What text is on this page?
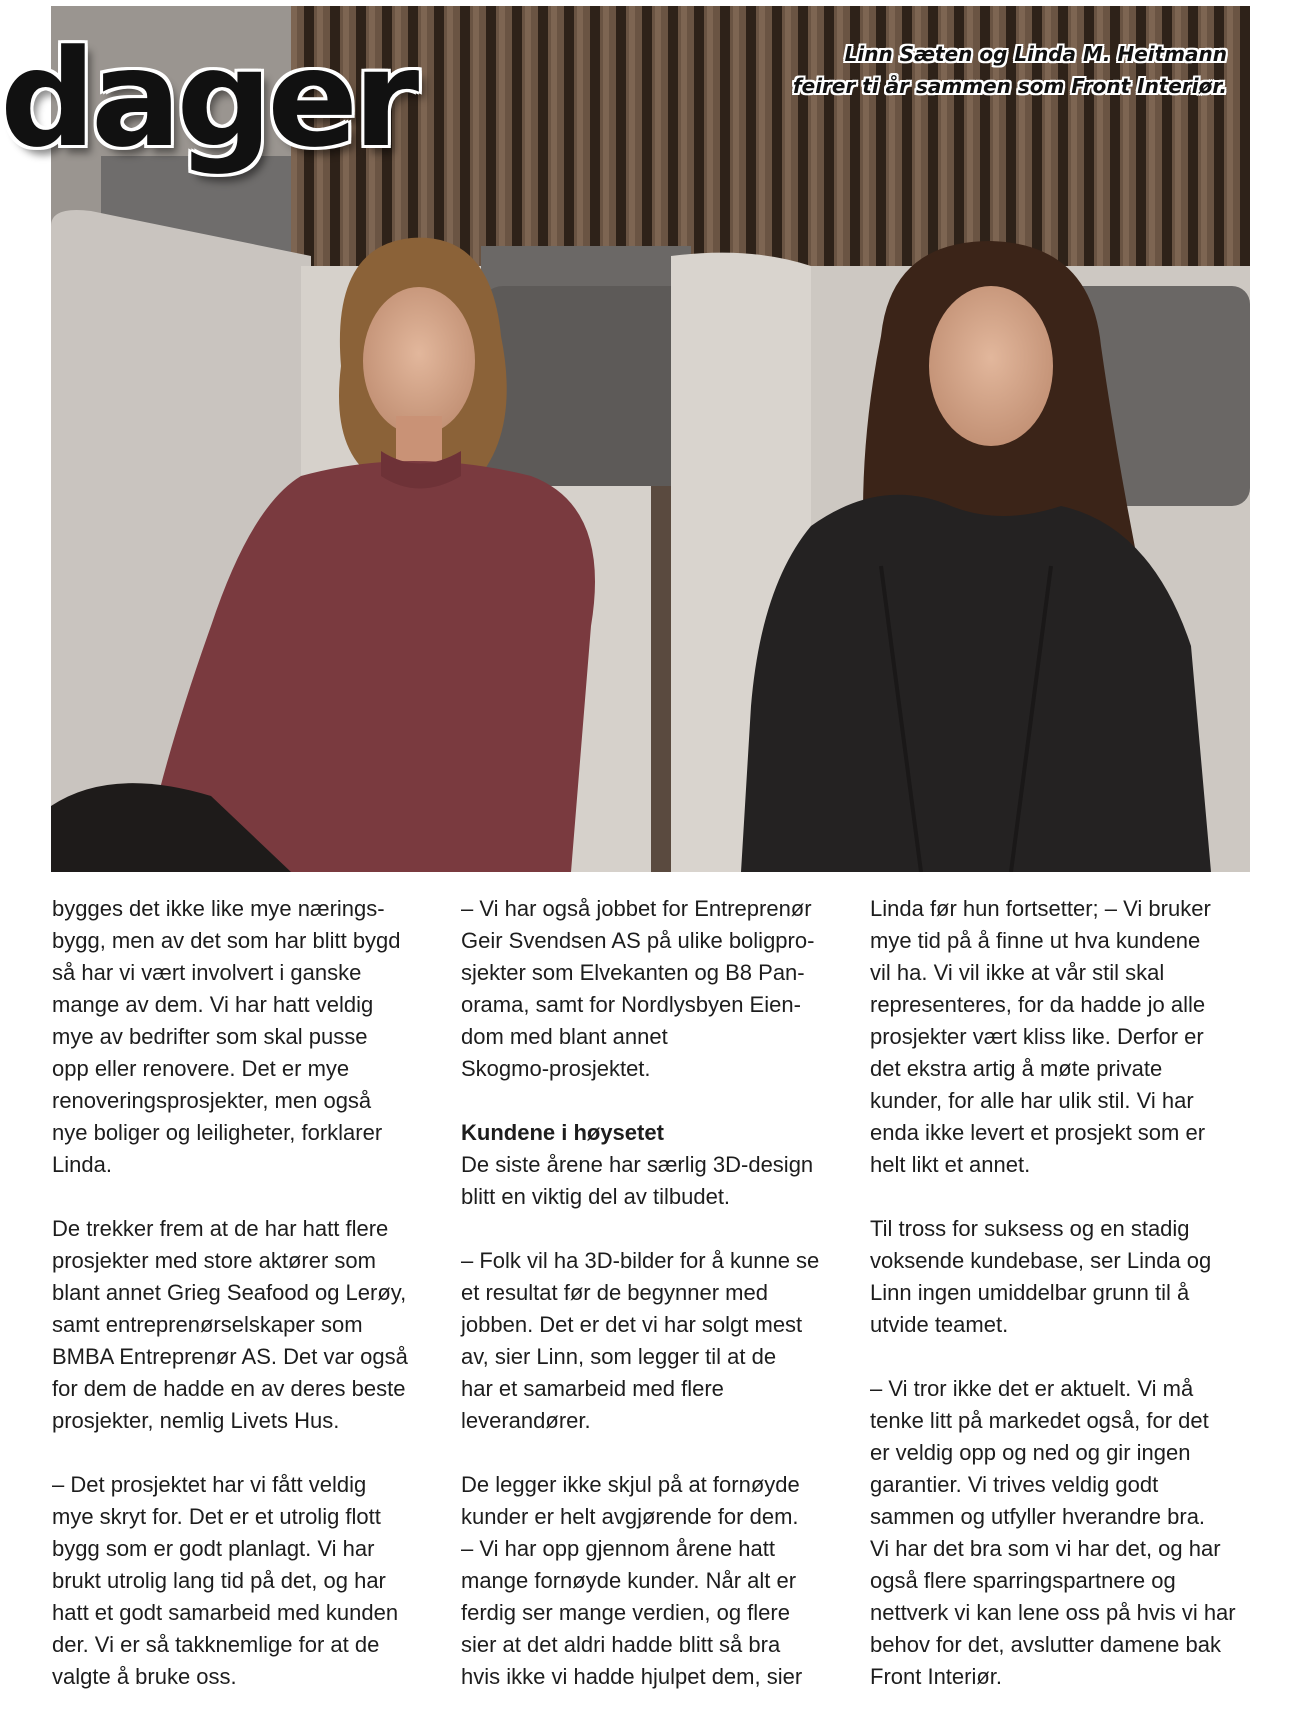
dager	Linn Sæten og Linda M. Heitmann
feirer ti år sammen som Front Interiør.

bygges det ikke like mye nærings-
bygg, men av det som har blitt bygd
så har vi vært involvert i ganske
mange av dem. Vi har hatt veldig
mye av bedrifter som skal pusse
opp eller renovere. Det er mye
renoveringsprosjekter, men også
nye boliger og leiligheter, forklarer
Linda.

De trekker frem at de har hatt flere
prosjekter med store aktører som
blant annet Grieg Seafood og Lerøy,
samt entreprenørselskaper som
BMBA Entreprenør AS. Det var også
for dem de hadde en av deres beste
prosjekter, nemlig Livets Hus.

– Det prosjektet har vi fått veldig
mye skryt for. Det er et utrolig flott
bygg som er godt planlagt. Vi har
brukt utrolig lang tid på det, og har
hatt et godt samarbeid med kunden
der. Vi er så takknemlige for at de
valgte å bruke oss.

– Vi har også jobbet for Entreprenør
Geir Svendsen AS på ulike boligpro-
sjekter som Elvekanten og B8 Pan-
orama, samt for Nordlysbyen Eien-
dom med blant annet
Skogmo-prosjektet.

Kundene i høysetet

De siste årene har særlig 3D-design
blitt en viktig del av tilbudet.

– Folk vil ha 3D-bilder for å kunne se
et resultat før de begynner med
jobben. Det er det vi har solgt mest
av, sier Linn, som legger til at de
har et samarbeid med flere
leverandører.

De legger ikke skjul på at fornøyde
kunder er helt avgjørende for dem.
– Vi har opp gjennom årene hatt
mange fornøyde kunder. Når alt er
ferdig ser mange verdien, og flere
sier at det aldri hadde blitt så bra
hvis ikke vi hadde hjulpet dem, sier

Linda før hun fortsetter; – Vi bruker
mye tid på å finne ut hva kundene
vil ha. Vi vil ikke at vår stil skal
representeres, for da hadde jo alle
prosjekter vært kliss like. Derfor er
det ekstra artig å møte private
kunder, for alle har ulik stil. Vi har
enda ikke levert et prosjekt som er
helt likt et annet.

Til tross for suksess og en stadig
voksende kundebase, ser Linda og
Linn ingen umiddelbar grunn til å
utvide teamet.

– Vi tror ikke det er aktuelt. Vi må
tenke litt på markedet også, for det
er veldig opp og ned og gir ingen
garantier. Vi trives veldig godt
sammen og utfyller hverandre bra.
Vi har det bra som vi har det, og har
også flere sparringspartnere og
nettverk vi kan lene oss på hvis vi har
behov for det, avslutter damene bak
Front Interiør.
